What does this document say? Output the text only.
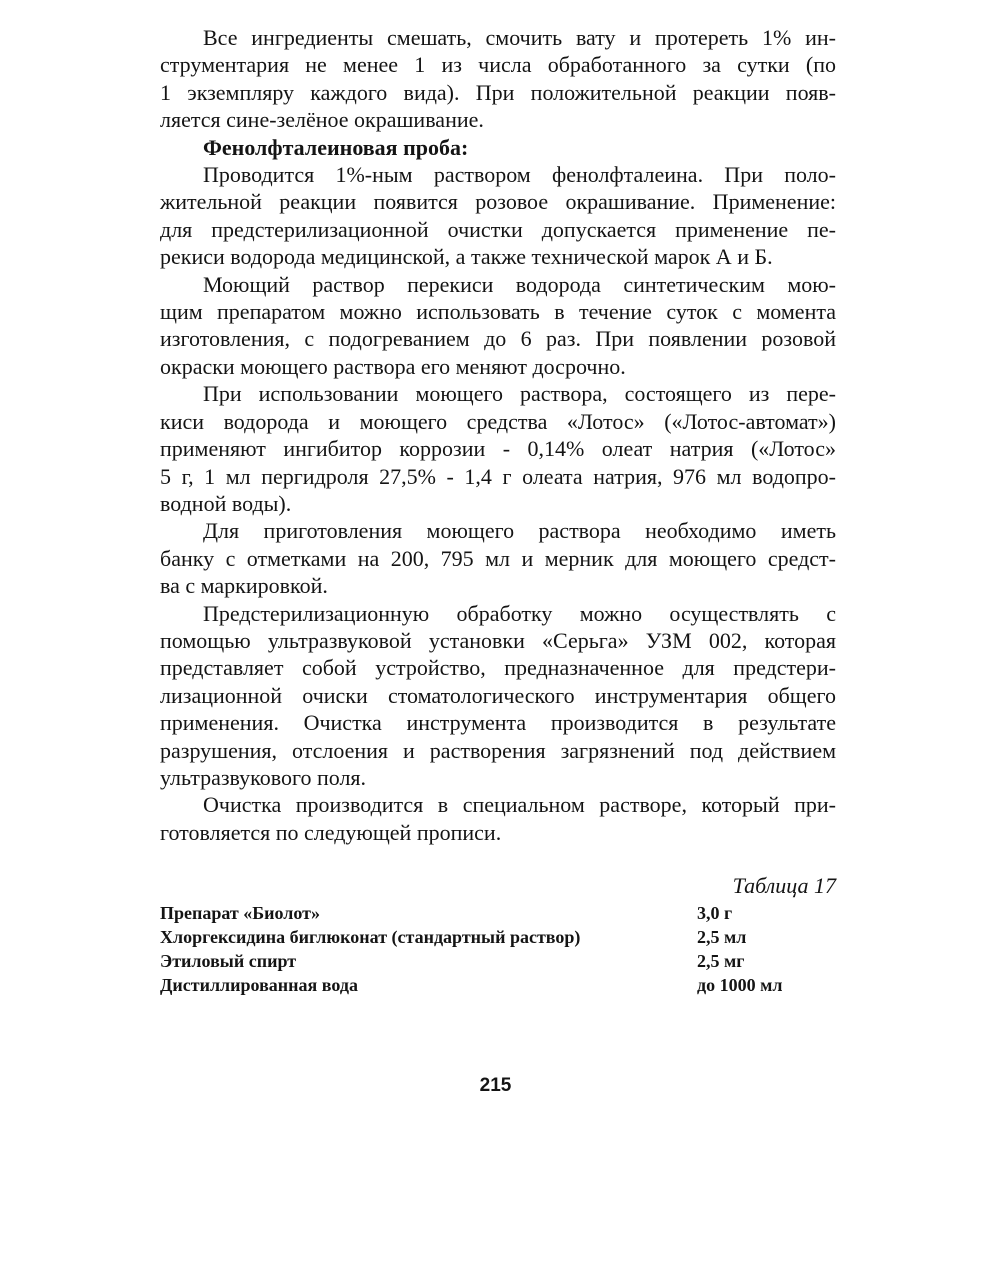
Все ингредиенты смешать, смочить вату и протереть 1% ин-
струментария не менее 1 из числа обработанного за сутки (по
1 экземпляру каждого вида). При положительной реакции появ-
ляется сине-зелёное окрашивание.

Фенолфталеиновая проба:

Проводится 1%-ным раствором фенолфталеина. При поло-
жительной реакции появится розовое окрашивание. Применение:
для предстерилизационной очистки допускается применение пе-
рекиси водорода медицинской, а также технической марок А и Б.

Моющий раствор перекиси водорода синтетическим мою-
щим препаратом можно использовать в течение суток с момента
изготовления, с подогреванием до 6 раз. При появлении розовой
окраски моющего раствора его меняют досрочно.

При использовании моющего раствора, состоящего из пере-
киси водорода и моющего средства «Лотос» («Лотос-автомат»)
применяют ингибитор коррозии - 0,14% олеат натрия («Лотос»
5 г, 1 мл пергидроля 27,5% - 1,4 г олеата натрия, 976 мл водопро-
водной воды).

Для приготовления моющего раствора необходимо иметь
банку с отметками на 200, 795 мл и мерник для моющего средст-
ва с маркировкой.

Предстерилизационную обработку можно осуществлять с
помощью ультразвуковой установки «Серьга» УЗМ 002, которая
представляет собой устройство, предназначенное для предстери-
лизационной очиски стоматологического инструментария общего
применения. Очистка инструмента производится в результате
разрушения, отслоения и растворения загрязнений под действием
ультразвукового поля.

Очистка производится в специальном растворе, который при-
готовляется по следующей прописи.

Таблица 17
Препарат «Биолот»	3,0 г
Хлоргексидина биглюконат (стандартный раствор)	2,5 мл
Этиловый спирт	2,5 мг
Дистиллированная вода	до 1000 мл
215
